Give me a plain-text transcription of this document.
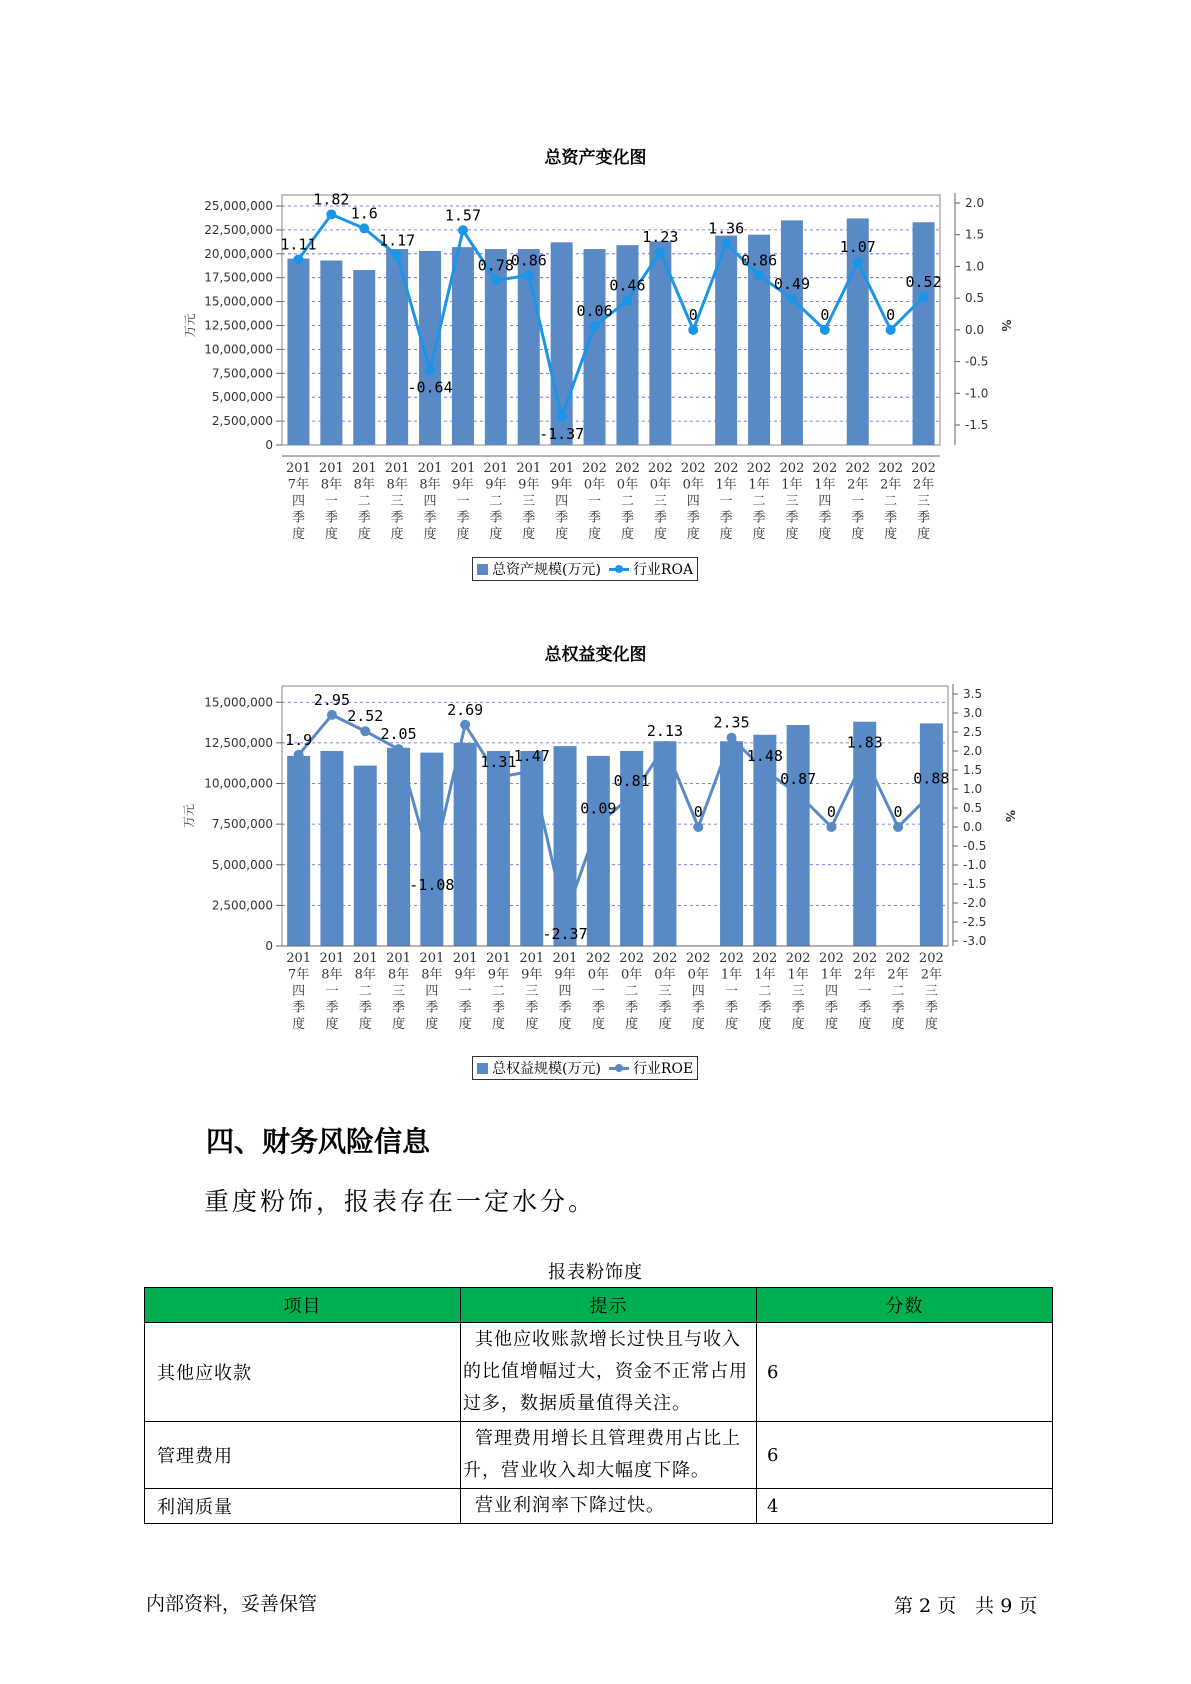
总资产变化图
0
2,500,000
5,000,000
7,500,000
10,000,000
12,500,000
15,000,000
17,500,000
20,000,000
22,500,000
25,000,000
-1.5
-1.0
-0.5
0.0
0.5
1.0
1.5
2.0
万元	%
201 7年四季度
201 8年一季度
201 8年二季度
201 8年三季度
201 8年四季度
201 9年一季度
201 9年二季度
201 9年三季度
201 9年四季度
202 0年一季度
202 0年二季度
202 0年三季度
202 0年四季度
202 1年一季度
202 1年二季度
202 1年三季度
202 1年四季度
202 2年一季度
202 2年二季度
202 2年三季度
1.11
1.82
1.6
1.17
-0.64
1.57
0.78
0.86
-1.37
0.06
0.46
1.23
0
1.36
0.86
0.49
0
1.07
0
0.52
总资产规模(万元) 行业ROA
总权益变化图
0
2,500,000
5,000,000
7,500,000
10,000,000
12,500,000
15,000,000
-3.0
-2.5
-2.0
-1.5
-1.0
-0.5
0.0
0.5
1.0
1.5
2.0
2.5
3.0
3.5
万元	%
201 7年四季度
201 8年一季度
201 8年二季度
201 8年三季度
201 8年四季度
201 9年一季度
201 9年二季度
201 9年三季度
201 9年四季度
202 0年一季度
202 0年二季度
202 0年三季度
202 0年四季度
202 1年一季度
202 1年二季度
202 1年三季度
202 1年四季度
202 2年一季度
202 2年二季度
202 2年三季度
1.9
2.95
2.52
2.05
-1.08
2.69
1.31
1.47
-2.37
0.09
0.81
2.13
0
2.35
1.48
0.87
0
1.83
0
0.88
总权益规模(万元) 行业ROE
四、财务风险信息
重度粉饰，报表存在一定水分。
报表粉饰度
项目	提示	分数
其他应收款	其他应收账款增长过快且与收入
的比值增幅过大，资金不正常占用
过多，数据质量值得关注。	6
管理费用	管理费用增长且管理费用占比上
升，营业收入却大幅度下降。	6
利润质量	营业利润率下降过快。	4
内部资料，妥善保管	第 2 页　共 9 页
